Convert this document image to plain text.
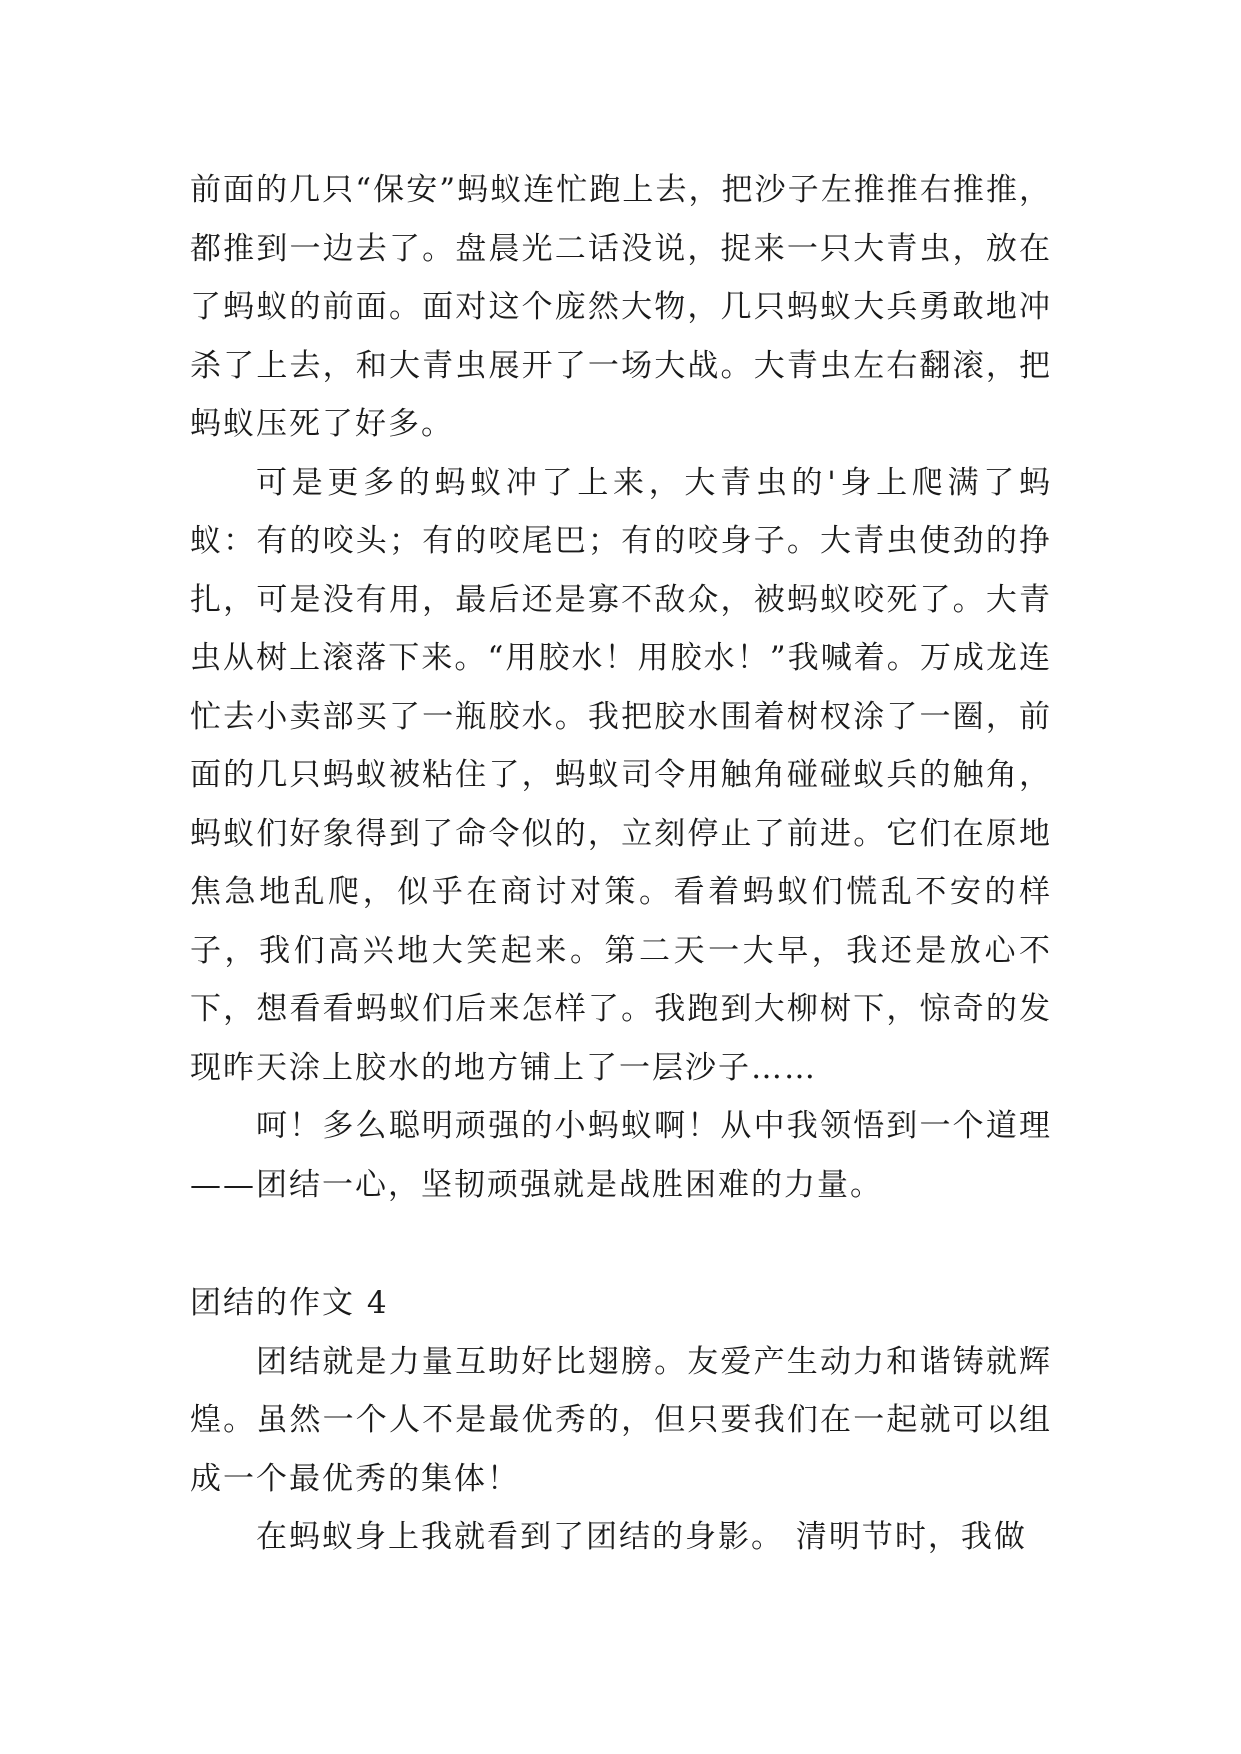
前面的几只“保安”蚂蚁连忙跑上去，把沙子左推推右推推，都推到一边去了。盘晨光二话没说，捉来一只大青虫，放在了蚂蚁的前面。面对这个庞然大物，几只蚂蚁大兵勇敢地冲杀了上去，和大青虫展开了一场大战。大青虫左右翻滚，把蚂蚁压死了好多。

可是更多的蚂蚁冲了上来，大青虫的'身上爬满了蚂蚁：有的咬头；有的咬尾巴；有的咬身子。大青虫使劲的挣扎，可是没有用，最后还是寡不敌众，被蚂蚁咬死了。大青虫从树上滚落下来。“用胶水！用胶水！”我喊着。万成龙连忙去小卖部买了一瓶胶水。我把胶水围着树杈涂了一圈，前面的几只蚂蚁被粘住了，蚂蚁司令用触角碰碰蚁兵的触角，蚂蚁们好象得到了命令似的，立刻停止了前进。它们在原地焦急地乱爬，似乎在商讨对策。看着蚂蚁们慌乱不安的样子，我们高兴地大笑起来。第二天一大早，我还是放心不下，想看看蚂蚁们后来怎样了。我跑到大柳树下，惊奇的发现昨天涂上胶水的地方铺上了一层沙子……

呵！多么聪明顽强的小蚂蚁啊！从中我领悟到一个道理——团结一心，坚韧顽强就是战胜困难的力量。

团结的作文 4

团结就是力量互助好比翅膀。友爱产生动力和谐铸就辉煌。虽然一个人不是最优秀的，但只要我们在一起就可以组成一个最优秀的集体！

在蚂蚁身上我就看到了团结的身影。 清明节时，我做
